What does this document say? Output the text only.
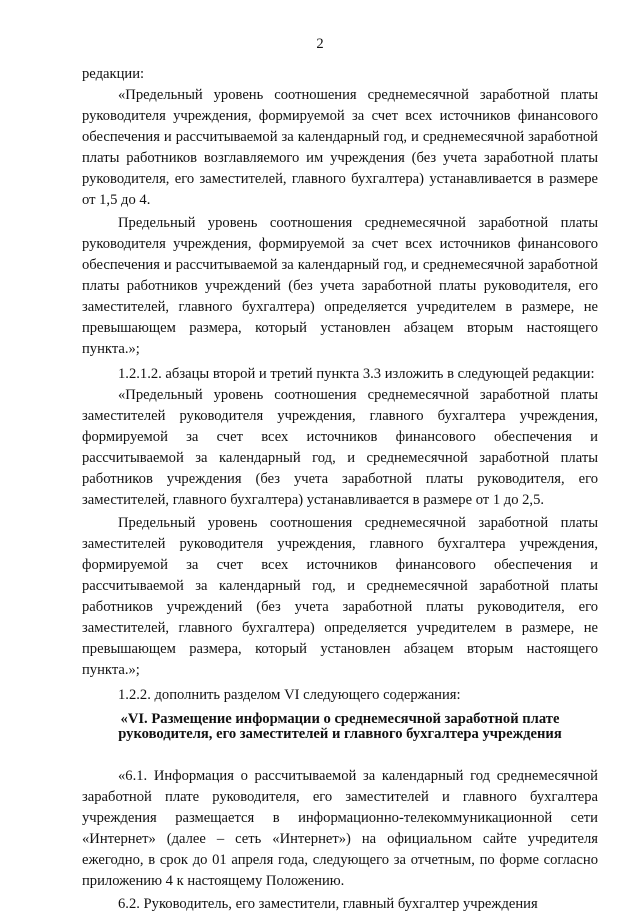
2

редакции:

«Предельный уровень соотношения среднемесячной заработной платы руководителя учреждения, формируемой за счет всех источников финансового обеспечения и рассчитываемой за календарный год, и среднемесячной заработной платы работников возглавляемого им учреждения (без учета заработной платы руководителя, его заместителей, главного бухгалтера) устанавливается в размере от 1,5 до 4.

Предельный уровень соотношения среднемесячной заработной платы руководителя учреждения, формируемой за счет всех источников финансового обеспечения и рассчитываемой за календарный год, и среднемесячной заработной платы работников учреждений (без учета заработной платы руководителя, его заместителей, главного бухгалтера) определяется учредителем в размере, не превышающем размера, который установлен абзацем вторым настоящего пункта.»;

1.2.1.2. абзацы второй и третий пункта 3.3 изложить в следующей редакции:

«Предельный уровень соотношения среднемесячной заработной платы заместителей руководителя учреждения, главного бухгалтера учреждения, формируемой за счет всех источников финансового обеспечения и рассчитываемой за календарный год, и среднемесячной заработной платы работников учреждения (без учета заработной платы руководителя, его заместителей, главного бухгалтера) устанавливается в размере от 1 до 2,5.

Предельный уровень соотношения среднемесячной заработной платы заместителей руководителя учреждения, главного бухгалтера учреждения, формируемой за счет всех источников финансового обеспечения и рассчитываемой за календарный год, и среднемесячной заработной платы работников учреждений (без учета заработной платы руководителя, его заместителей, главного бухгалтера) определяется учредителем в размере, не превышающем размера, который установлен абзацем вторым настоящего пункта.»;

1.2.2. дополнить разделом VI следующего содержания:

«VI. Размещение информации о среднемесячной заработной плате руководителя, его заместителей и главного бухгалтера учреждения

«6.1. Информация о рассчитываемой за календарный год среднемесячной заработной плате руководителя, его заместителей и главного бухгалтера учреждения размещается в информационно-телекоммуникационной сети «Интернет» (далее – сеть «Интернет») на официальном сайте учредителя ежегодно, в срок до 01 апреля года, следующего за отчетным, по форме согласно приложению 4 к настоящему Положению.

6.2. Руководитель, его заместители, главный бухгалтер учреждения
